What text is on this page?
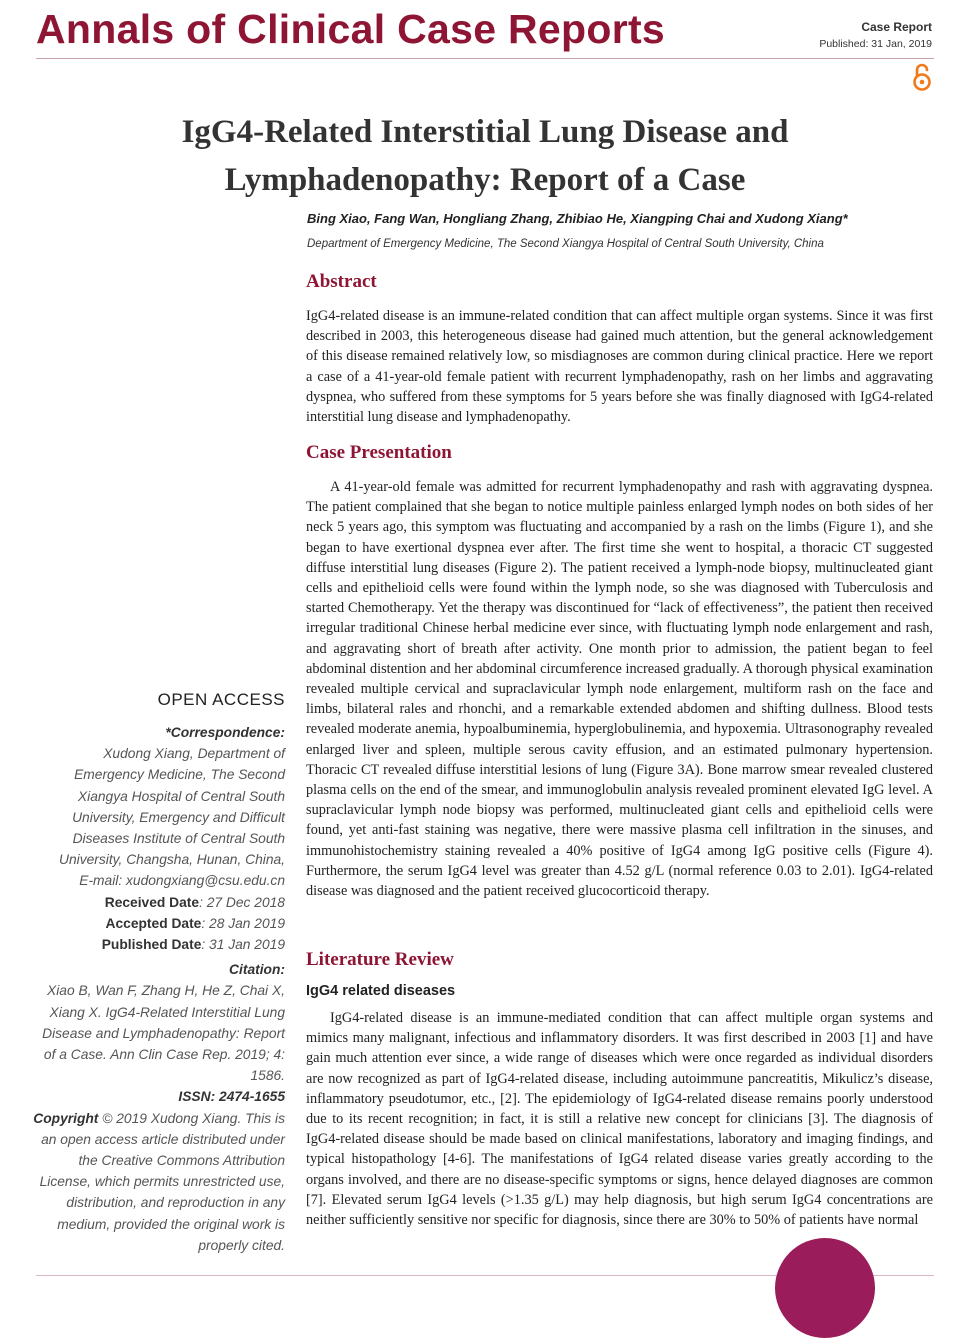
Annals of Clinical Case Reports	Case Report
Published: 31 Jan, 2019
IgG4-Related Interstitial Lung Disease and Lymphadenopathy: Report of a Case
Bing Xiao, Fang Wan, Hongliang Zhang, Zhibiao He, Xiangping Chai and Xudong Xiang*
Department of Emergency Medicine, The Second Xiangya Hospital of Central South University, China
Abstract

IgG4-related disease is an immune-related condition that can affect multiple organ systems. Since it was first described in 2003, this heterogeneous disease had gained much attention, but the general acknowledgement of this disease remained relatively low, so misdiagnoses are common during clinical practice. Here we report a case of a 41-year-old female patient with recurrent lymphadenopathy, rash on her limbs and aggravating dyspnea, who suffered from these symptoms for 5 years before she was finally diagnosed with IgG4-related interstitial lung disease and lymphadenopathy.

Case Presentation

A 41-year-old female was admitted for recurrent lymphadenopathy and rash with aggravating dyspnea. The patient complained that she began to notice multiple painless enlarged lymph nodes on both sides of her neck 5 years ago, this symptom was fluctuating and accompanied by a rash on the limbs (Figure 1), and she began to have exertional dyspnea ever after. The first time she went to hospital, a thoracic CT suggested diffuse interstitial lung diseases (Figure 2). The patient received a lymph-node biopsy, multinucleated giant cells and epithelioid cells were found within the lymph node, so she was diagnosed with Tuberculosis and started Chemotherapy. Yet the therapy was discontinued for “lack of effectiveness”, the patient then received irregular traditional Chinese herbal medicine ever since, with fluctuating lymph node enlargement and rash, and aggravating short of breath after activity. One month prior to admission, the patient began to feel abdominal distention and her abdominal circumference increased gradually. A thorough physical examination revealed multiple cervical and supraclavicular lymph node enlargement, multiform rash on the face and limbs, bilateral rales and rhonchi, and a remarkable extended abdomen and shifting dullness. Blood tests revealed moderate anemia, hypoalbuminemia, hyperglobulinemia, and hypoxemia. Ultrasonography revealed enlarged liver and spleen, multiple serous cavity effusion, and an estimated pulmonary hypertension. Thoracic CT revealed diffuse interstitial lesions of lung (Figure 3A). Bone marrow smear revealed clustered plasma cells on the end of the smear, and immunoglobulin analysis revealed prominent elevated IgG level. A supraclavicular lymph node biopsy was performed, multinucleated giant cells and epithelioid cells were found, yet anti-fast staining was negative, there were massive plasma cell infiltration in the sinuses, and immunohistochemistry staining revealed a 40% positive of IgG4 among IgG positive cells (Figure 4). Furthermore, the serum IgG4 level was greater than 4.52 g/L (normal reference 0.03 to 2.01). IgG4-related disease was diagnosed and the patient received glucocorticoid therapy.

Literature Review
IgG4 related diseases

IgG4-related disease is an immune-mediated condition that can affect multiple organ systems and mimics many malignant, infectious and inflammatory disorders. It was first described in 2003 [1] and have gain much attention ever since, a wide range of diseases which were once regarded as individual disorders are now recognized as part of IgG4-related disease, including autoimmune pancreatitis, Mikulicz’s disease, inflammatory pseudotumor, etc., [2]. The epidemiology of IgG4-related disease remains poorly understood due to its recent recognition; in fact, it is still a relative new concept for clinicians [3]. The diagnosis of IgG4-related disease should be made based on clinical manifestations, laboratory and imaging findings, and typical histopathology [4-6]. The manifestations of IgG4 related disease varies greatly according to the organs involved, and there are no disease-specific symptoms or signs, hence delayed diagnoses are common [7]. Elevated serum IgG4 levels (>1.35 g/L) may help diagnosis, but high serum IgG4 concentrations are neither sufficiently sensitive nor specific for diagnosis, since there are 30% to 50% of patients have normal

OPEN ACCESS
*Correspondence:
Xudong Xiang, Department of Emergency Medicine, The Second Xiangya Hospital of Central South University, Emergency and Difficult Diseases Institute of Central South University, Changsha, Hunan, China,
E-mail: xudongxiang@csu.edu.cn
Received Date: 27 Dec 2018
Accepted Date: 28 Jan 2019
Published Date: 31 Jan 2019
Citation:
Xiao B, Wan F, Zhang H, He Z, Chai X, Xiang X. IgG4-Related Interstitial Lung Disease and Lymphadenopathy: Report of a Case. Ann Clin Case Rep. 2019; 4: 1586.
ISSN: 2474-1655
Copyright © 2019 Xudong Xiang. This is an open access article distributed under the Creative Commons Attribution License, which permits unrestricted use, distribution, and reproduction in any medium, provided the original work is properly cited.
